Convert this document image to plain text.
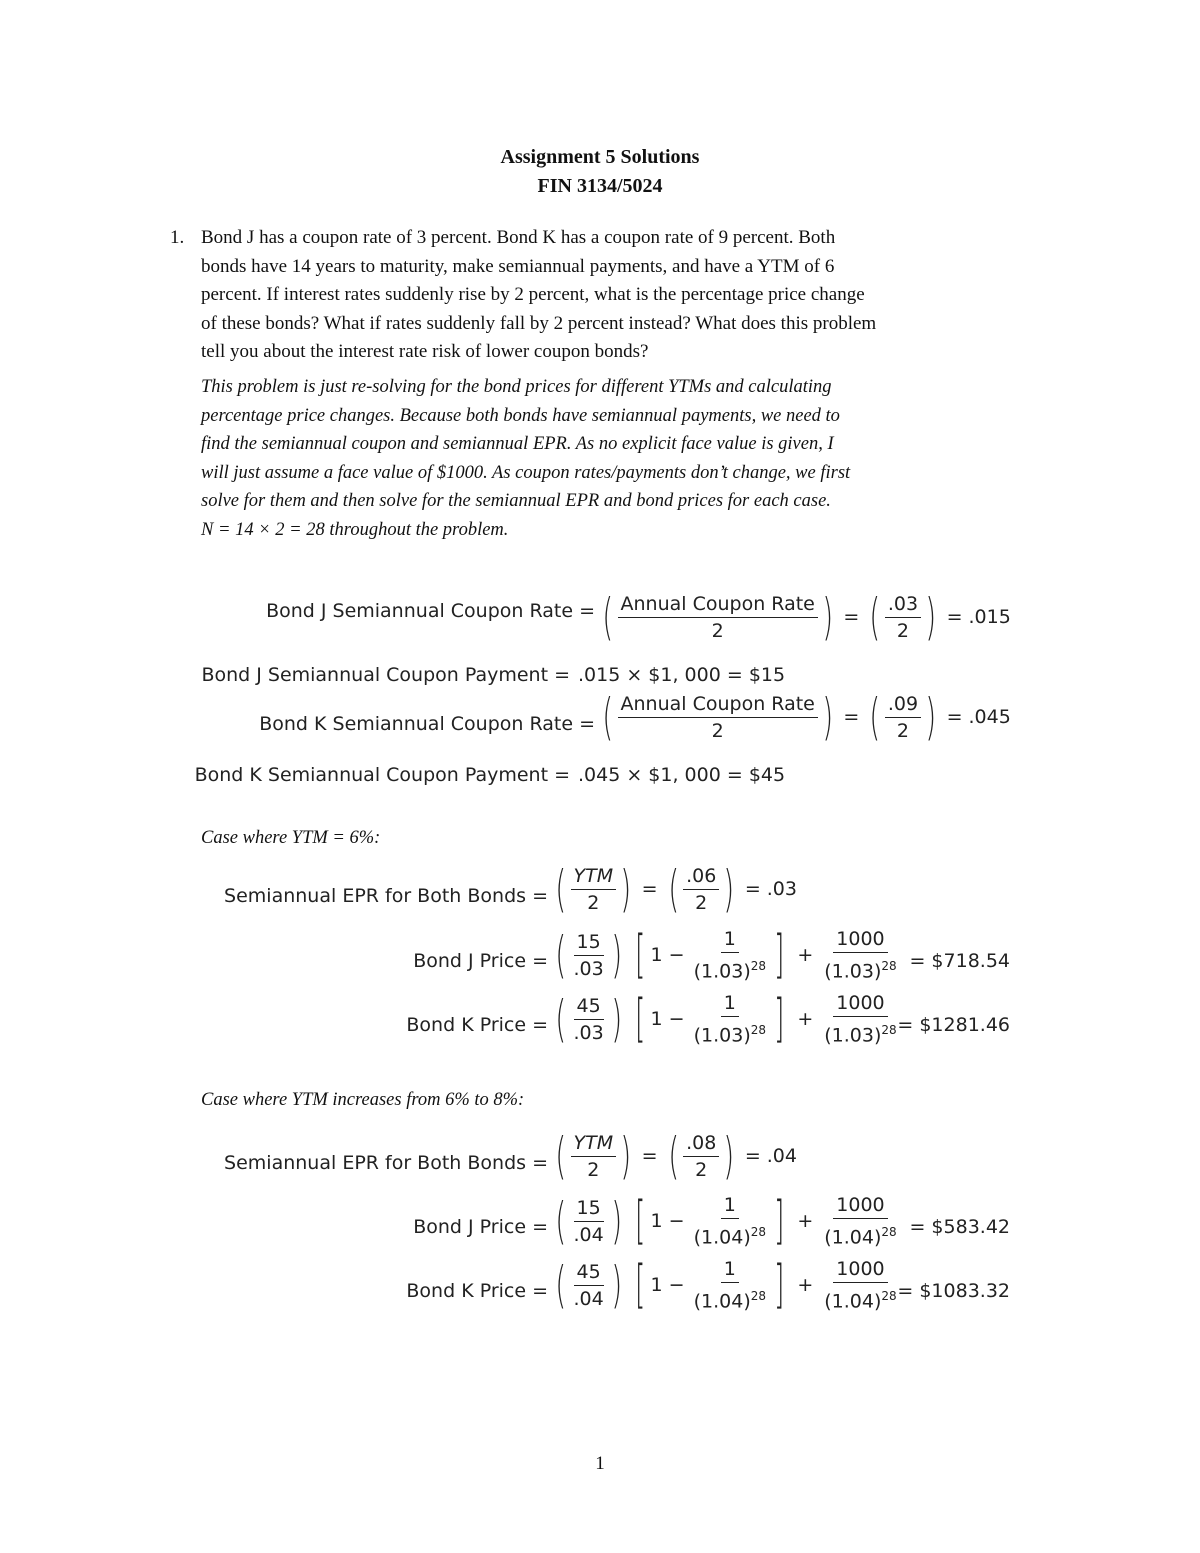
Assignment 5 Solutions
FIN 3134/5024
1. Bond J has a coupon rate of 3 percent. Bond K has a coupon rate of 9 percent. Both
bonds have 14 years to maturity, make semiannual payments, and have a YTM of 6
percent. If interest rates suddenly rise by 2 percent, what is the percentage price change
of these bonds? What if rates suddenly fall by 2 percent instead? What does this problem
tell you about the interest rate risk of lower coupon bonds?
This problem is just re-solving for the bond prices for different YTMs and calculating
percentage price changes. Because both bonds have semiannual payments, we need to
find the semiannual coupon and semiannual EPR. As no explicit face value is given, I
will just assume a face value of $1000. As coupon rates/payments don’t change, we first
solve for them and then solve for the semiannual EPR and bond prices for each case.
N = 14 × 2 = 28 throughout the problem.
Bond J Semiannual Coupon Rate = ( $\frac{\text{Annual Coupon Rate}}{2}$ ) = ( $\frac{.03}{2}$ ) = .015
Bond J Semiannual Coupon Payment = .015 × $1, 000 = $15
Bond K Semiannual Coupon Rate = ( $\frac{\text{Annual Coupon Rate}}{2}$ ) = ( $\frac{.09}{2}$ ) = .045
Bond K Semiannual Coupon Payment = .045 × $1, 000 = $45
Case where YTM = 6%:
Semiannual EPR for Both Bonds = ( $\frac{\text{YTM}}{2}$ ) = ( $\frac{.06}{2}$ ) = .03
Bond J Price = ( $\frac{15}{.03}$ ) [ $1 - \frac{1}{(1.03)^{28}}$ ] + $\frac{1000}{(1.03)^{28}}$ = $718.54
Bond K Price = ( $\frac{45}{.03}$ ) [ $1 - \frac{1}{(1.03)^{28}}$ ] + $\frac{1000}{(1.03)^{28}}$
= $1281.46
Case where YTM increases from 6% to 8%:
Semiannual EPR for Both Bonds = ( $\frac{\text{YTM}}{2}$ ) = ( $\frac{.08}{2}$ ) = .04
Bond J Price = ( $\frac{15}{.04}$ ) [ $1 - \frac{1}{(1.04)^{28}}$ ] + $\frac{1000}{(1.04)^{28}}$ = $583.42
Bond K Price = ( $\frac{45}{.04}$ ) [ $1 - \frac{1}{(1.04)^{28}}$ ] + $\frac{1000}{(1.04)^{28}}$
= $1083.32
1
